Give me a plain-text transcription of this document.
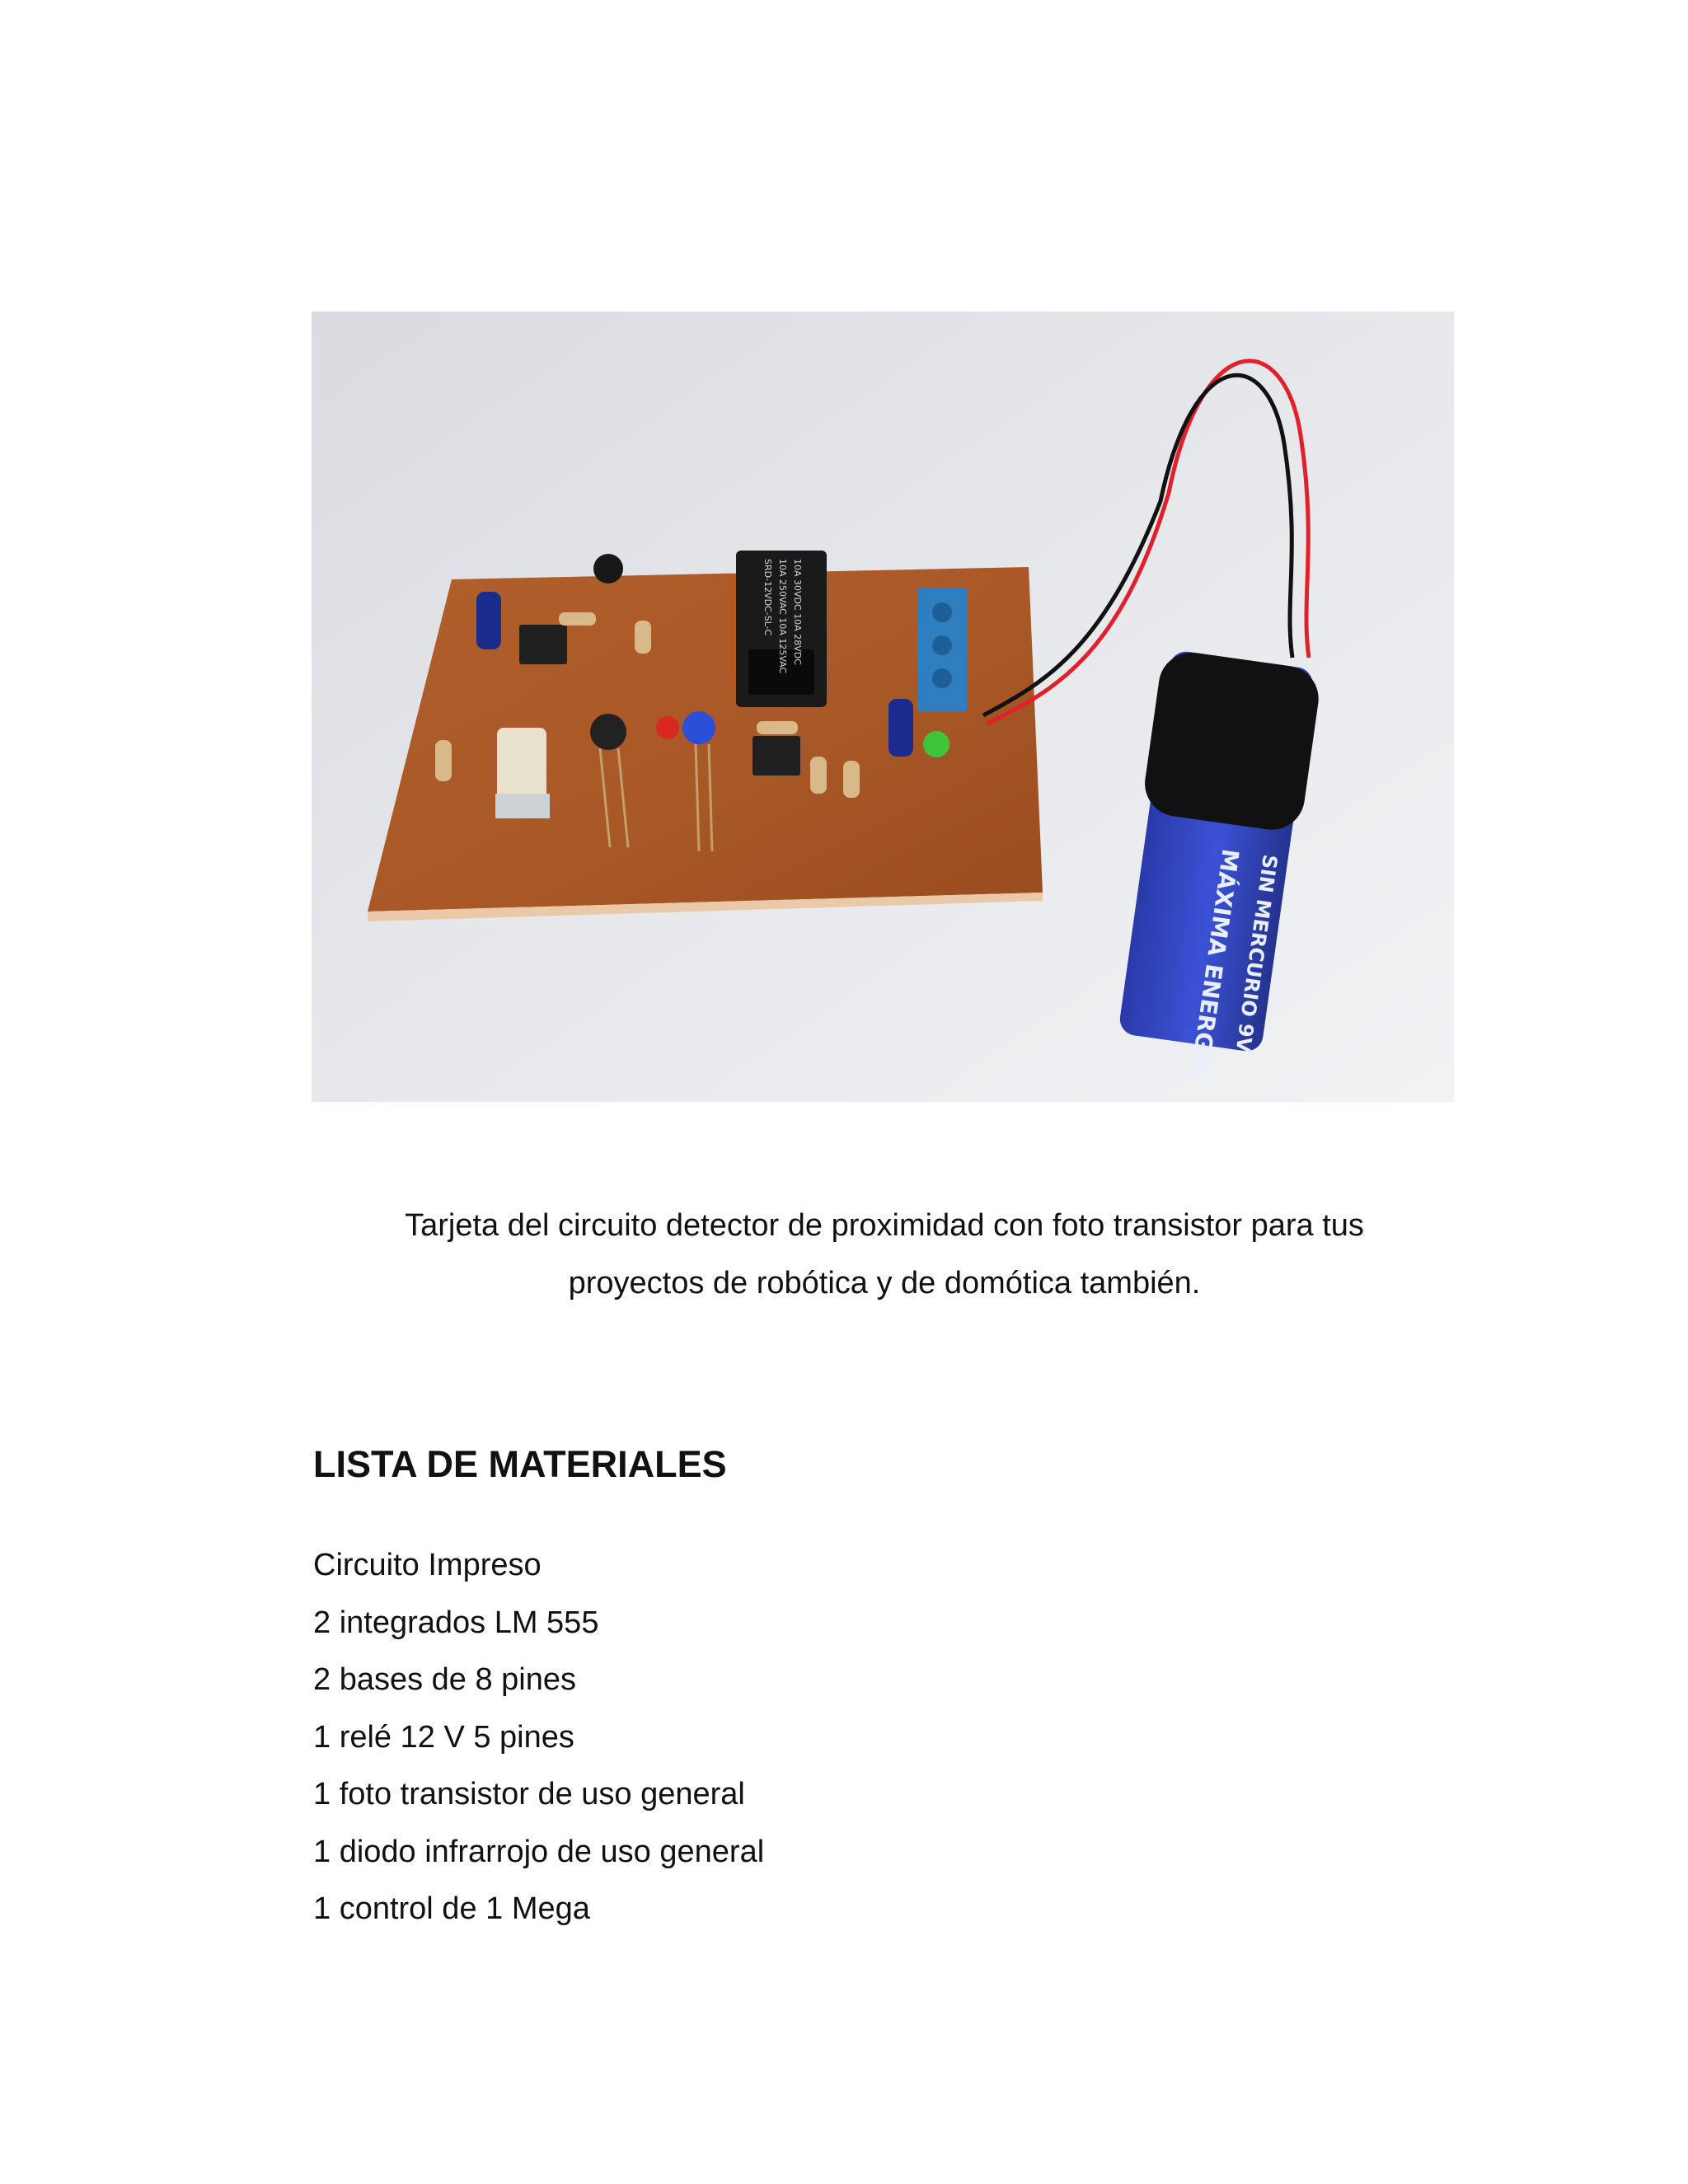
SRD-12VDC-SL-C 10A 250VAC 10A 125VAC 10A 30VDC 10A 28VDC
SIN MERCURIO 9V
MÁXIMA ENERGÍA
Tarjeta del circuito detector de proximidad con foto transistor para tus
proyectos de robótica y de domótica también.
LISTA DE MATERIALES
Circuito Impreso
2 integrados LM 555
2 bases de 8 pines
1 relé 12 V 5 pines
1 foto transistor de uso general
1 diodo infrarrojo de uso general
1 control de 1 Mega
